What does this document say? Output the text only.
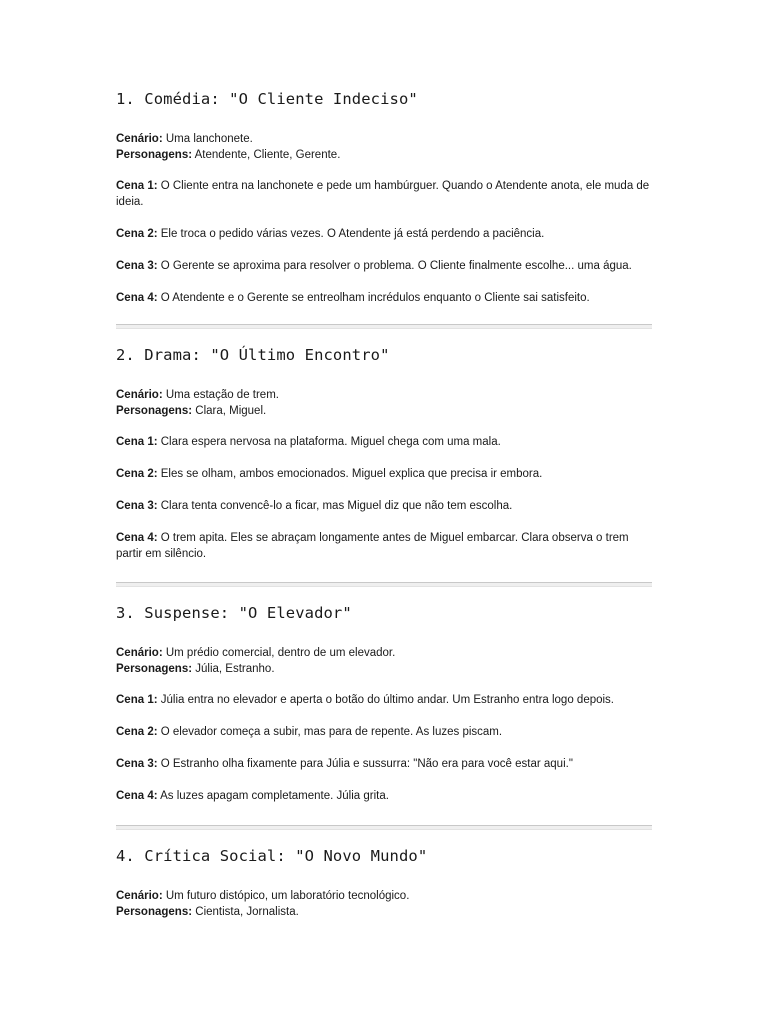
1. Comédia: "O Cliente Indeciso"

Cenário: Uma lanchonete.

Personagens: Atendente, Cliente, Gerente.

Cena 1: O Cliente entra na lanchonete e pede um hambúrguer. Quando o Atendente anota, ele muda de ideia.

Cena 2: Ele troca o pedido várias vezes. O Atendente já está perdendo a paciência.

Cena 3: O Gerente se aproxima para resolver o problema. O Cliente finalmente escolhe... uma água.

Cena 4: O Atendente e o Gerente se entreolham incrédulos enquanto o Cliente sai satisfeito.

2. Drama: "O Último Encontro"

Cenário: Uma estação de trem.

Personagens: Clara, Miguel.

Cena 1: Clara espera nervosa na plataforma. Miguel chega com uma mala.

Cena 2: Eles se olham, ambos emocionados. Miguel explica que precisa ir embora.

Cena 3: Clara tenta convencê-lo a ficar, mas Miguel diz que não tem escolha.

Cena 4: O trem apita. Eles se abraçam longamente antes de Miguel embarcar. Clara observa o trem partir em silêncio.

3. Suspense: "O Elevador"

Cenário: Um prédio comercial, dentro de um elevador.

Personagens: Júlia, Estranho.

Cena 1: Júlia entra no elevador e aperta o botão do último andar. Um Estranho entra logo depois.

Cena 2: O elevador começa a subir, mas para de repente. As luzes piscam.

Cena 3: O Estranho olha fixamente para Júlia e sussurra: "Não era para você estar aqui."

Cena 4: As luzes apagam completamente. Júlia grita.

4. Crítica Social: "O Novo Mundo"

Cenário: Um futuro distópico, um laboratório tecnológico.

Personagens: Cientista, Jornalista.
